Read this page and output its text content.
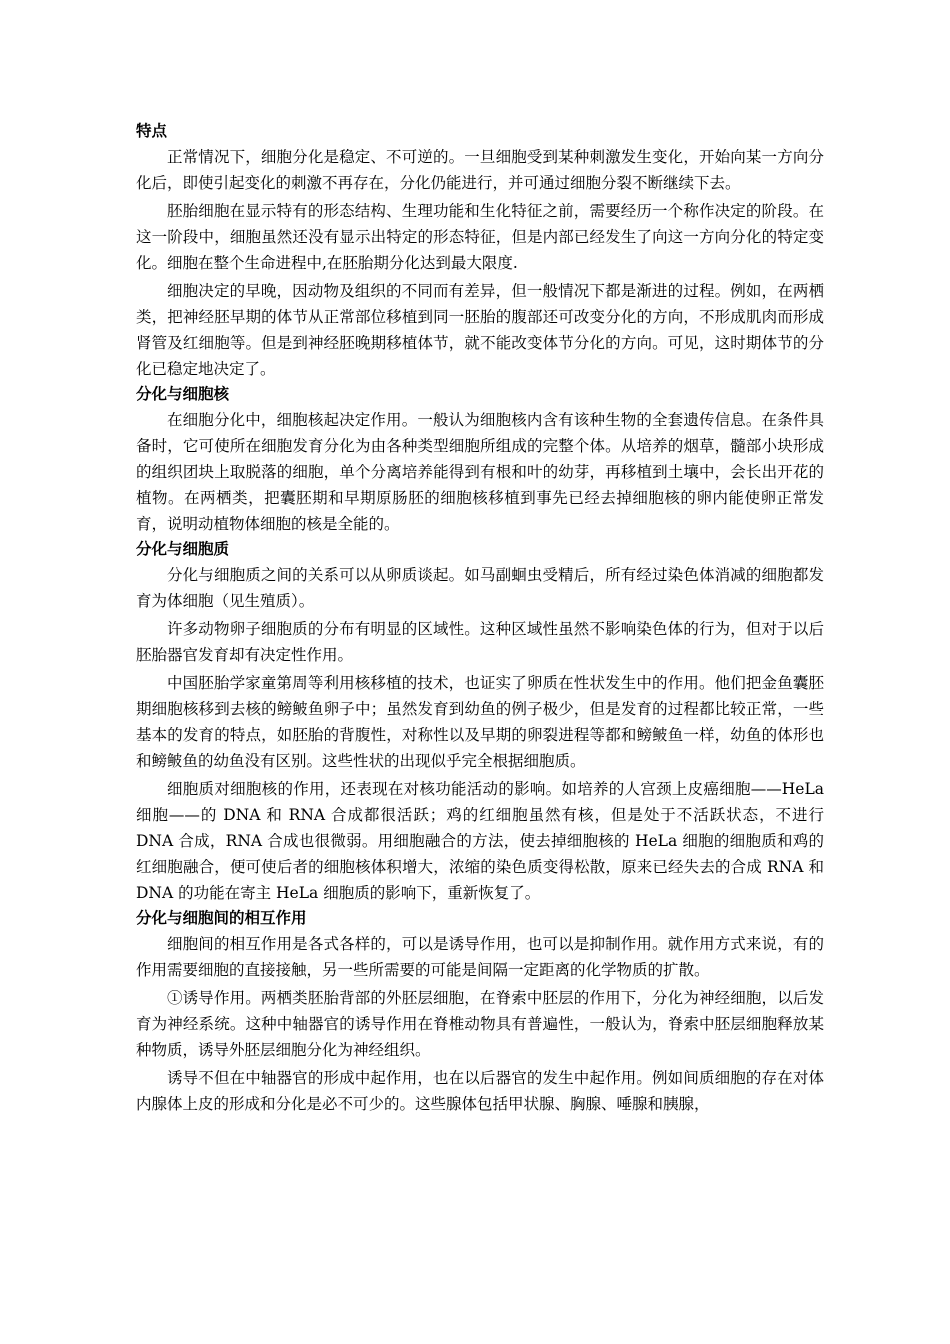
特点

正常情况下，细胞分化是稳定、不可逆的。一旦细胞受到某种刺激发生变化，开始向某一方向分化后，即使引起变化的刺激不再存在，分化仍能进行，并可通过细胞分裂不断继续下去。

胚胎细胞在显示特有的形态结构、生理功能和生化特征之前，需要经历一个称作决定的阶段。在这一阶段中，细胞虽然还没有显示出特定的形态特征，但是内部已经发生了向这一方向分化的特定变化。细胞在整个生命进程中,在胚胎期分化达到最大限度.

细胞决定的早晚，因动物及组织的不同而有差异，但一般情况下都是渐进的过程。例如，在两栖类，把神经胚早期的体节从正常部位移植到同一胚胎的腹部还可改变分化的方向，不形成肌肉而形成肾管及红细胞等。但是到神经胚晚期移植体节，就不能改变体节分化的方向。可见，这时期体节的分化已稳定地决定了。

分化与细胞核

在细胞分化中，细胞核起决定作用。一般认为细胞核内含有该种生物的全套遗传信息。在条件具备时，它可使所在细胞发育分化为由各种类型细胞所组成的完整个体。从培养的烟草，髓部小块形成的组织团块上取脱落的细胞，单个分离培养能得到有根和叶的幼芽，再移植到土壤中，会长出开花的植物。在两栖类，把囊胚期和早期原肠胚的细胞核移植到事先已经去掉细胞核的卵内能使卵正常发育，说明动植物体细胞的核是全能的。

分化与细胞质

分化与细胞质之间的关系可以从卵质谈起。如马副蛔虫受精后，所有经过染色体消减的细胞都发育为体细胞（见生殖质）。

许多动物卵子细胞质的分布有明显的区域性。这种区域性虽然不影响染色体的行为，但对于以后胚胎器官发育却有决定性作用。

中国胚胎学家童第周等利用核移植的技术，也证实了卵质在性状发生中的作用。他们把金鱼囊胚期细胞核移到去核的鳑鲏鱼卵子中；虽然发育到幼鱼的例子极少，但是发育的过程都比较正常，一些基本的发育的特点，如胚胎的背腹性，对称性以及早期的卵裂进程等都和鳑鲏鱼一样，幼鱼的体形也和鳑鲏鱼的幼鱼没有区别。这些性状的出现似乎完全根据细胞质。

细胞质对细胞核的作用，还表现在对核功能活动的影响。如培养的人宫颈上皮癌细胞——HeLa 细胞——的 DNA 和 RNA 合成都很活跃；鸡的红细胞虽然有核，但是处于不活跃状态，不进行 DNA 合成，RNA 合成也很微弱。用细胞融合的方法，使去掉细胞核的 HeLa 细胞的细胞质和鸡的红细胞融合，便可使后者的细胞核体积增大，浓缩的染色质变得松散，原来已经失去的合成 RNA 和 DNA 的功能在寄主 HeLa 细胞质的影响下，重新恢复了。

分化与细胞间的相互作用

细胞间的相互作用是各式各样的，可以是诱导作用，也可以是抑制作用。就作用方式来说，有的作用需要细胞的直接接触，另一些所需要的可能是间隔一定距离的化学物质的扩散。

①诱导作用。两栖类胚胎背部的外胚层细胞，在脊索中胚层的作用下，分化为神经细胞，以后发育为神经系统。这种中轴器官的诱导作用在脊椎动物具有普遍性，一般认为，脊索中胚层细胞释放某种物质，诱导外胚层细胞分化为神经组织。

诱导不但在中轴器官的形成中起作用，也在以后器官的发生中起作用。例如间质细胞的存在对体内腺体上皮的形成和分化是必不可少的。这些腺体包括甲状腺、胸腺、唾腺和胰腺，
